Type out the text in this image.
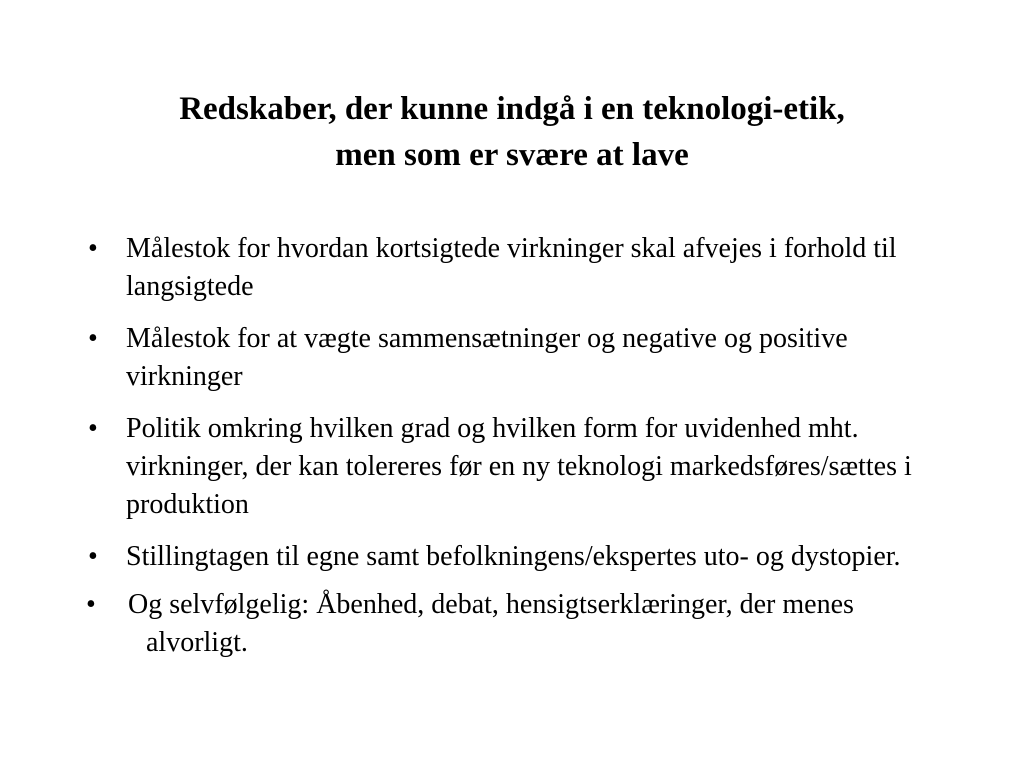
Redskaber, der kunne indgå i en teknologi-etik,
men som er svære at lave
• Målestok for hvordan kortsigtede virkninger skal afvejes i forhold til langsigtede
• Målestok for at vægte sammensætninger og negative og positive virkninger
• Politik omkring hvilken grad og hvilken form for uvidenhed mht. virkninger, der kan tolereres før en ny teknologi markedsføres/sættes i produktion
• Stillingtagen til egne samt befolkningens/ekspertes uto- og dystopier.
• Og selvfølgelig: Åbenhed, debat, hensigtserklæringer, der menes alvorligt.
